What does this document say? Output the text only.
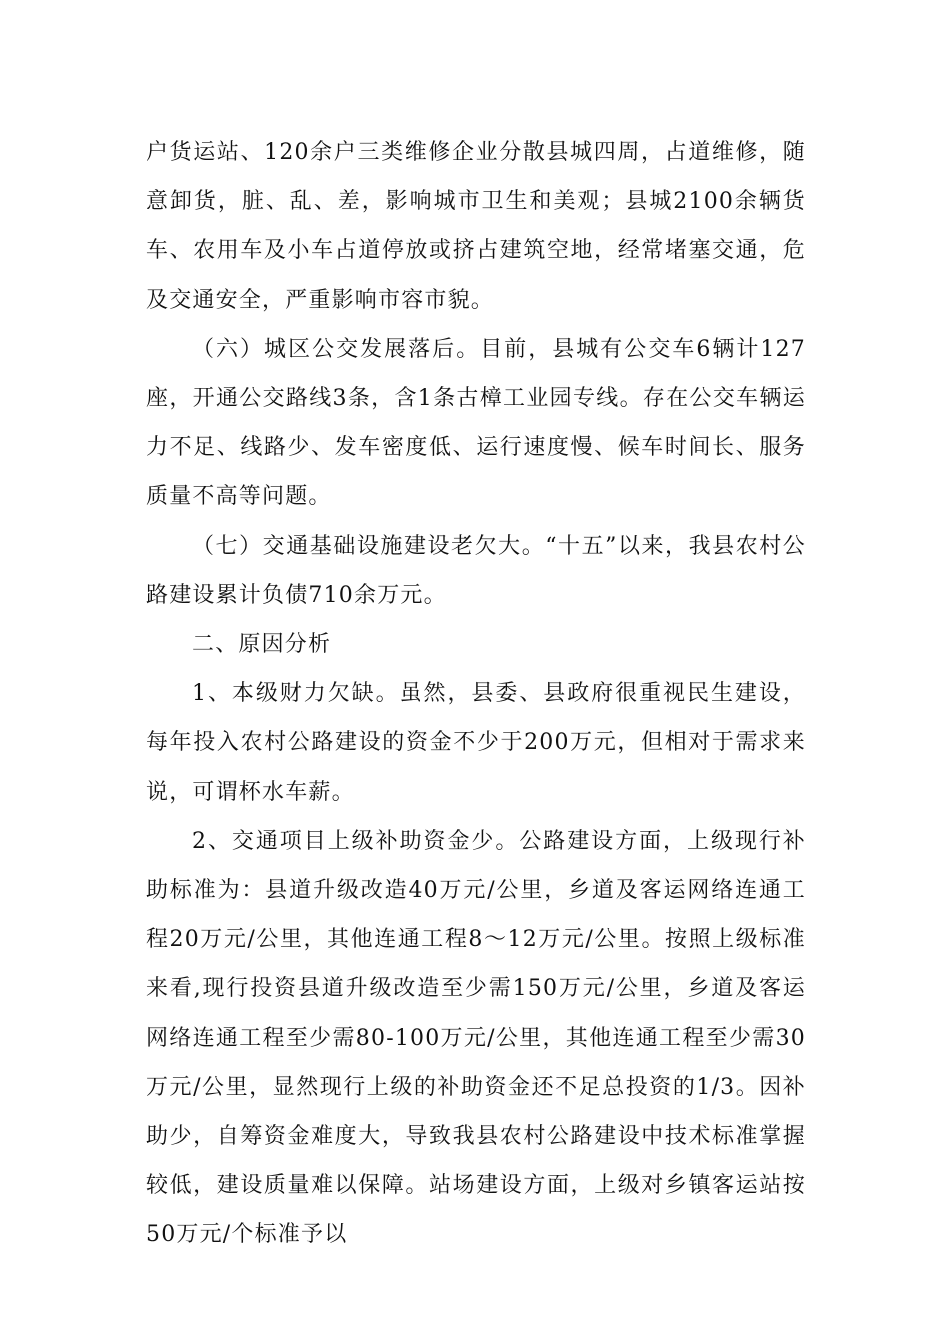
户货运站、120余户三类维修企业分散县城四周，占道维修，随意卸货，脏、乱、差，影响城市卫生和美观；县城2100余辆货车、农用车及小车占道停放或挤占建筑空地，经常堵塞交通，危及交通安全，严重影响市容市貌。

（六）城区公交发展落后。目前，县城有公交车6辆计127座，开通公交路线3条，含1条古樟工业园专线。存在公交车辆运力不足、线路少、发车密度低、运行速度慢、候车时间长、服务质量不高等问题。

（七）交通基础设施建设老欠大。“十五”以来，我县农村公路建设累计负债710余万元。

二、原因分析

1、本级财力欠缺。虽然，县委、县政府很重视民生建设，每年投入农村公路建设的资金不少于200万元，但相对于需求来说，可谓杯水车薪。

2、交通项目上级补助资金少。公路建设方面，上级现行补助标准为：县道升级改造40万元/公里，乡道及客运网络连通工程20万元/公里，其他连通工程8～12万元/公里。按照上级标准来看,现行投资县道升级改造至少需150万元/公里，乡道及客运网络连通工程至少需80-100万元/公里，其他连通工程至少需30万元/公里，显然现行上级的补助资金还不足总投资的1/3。因补助少，自筹资金难度大，导致我县农村公路建设中技术标准掌握较低，建设质量难以保障。站场建设方面，上级对乡镇客运站按50万元/个标准予以
